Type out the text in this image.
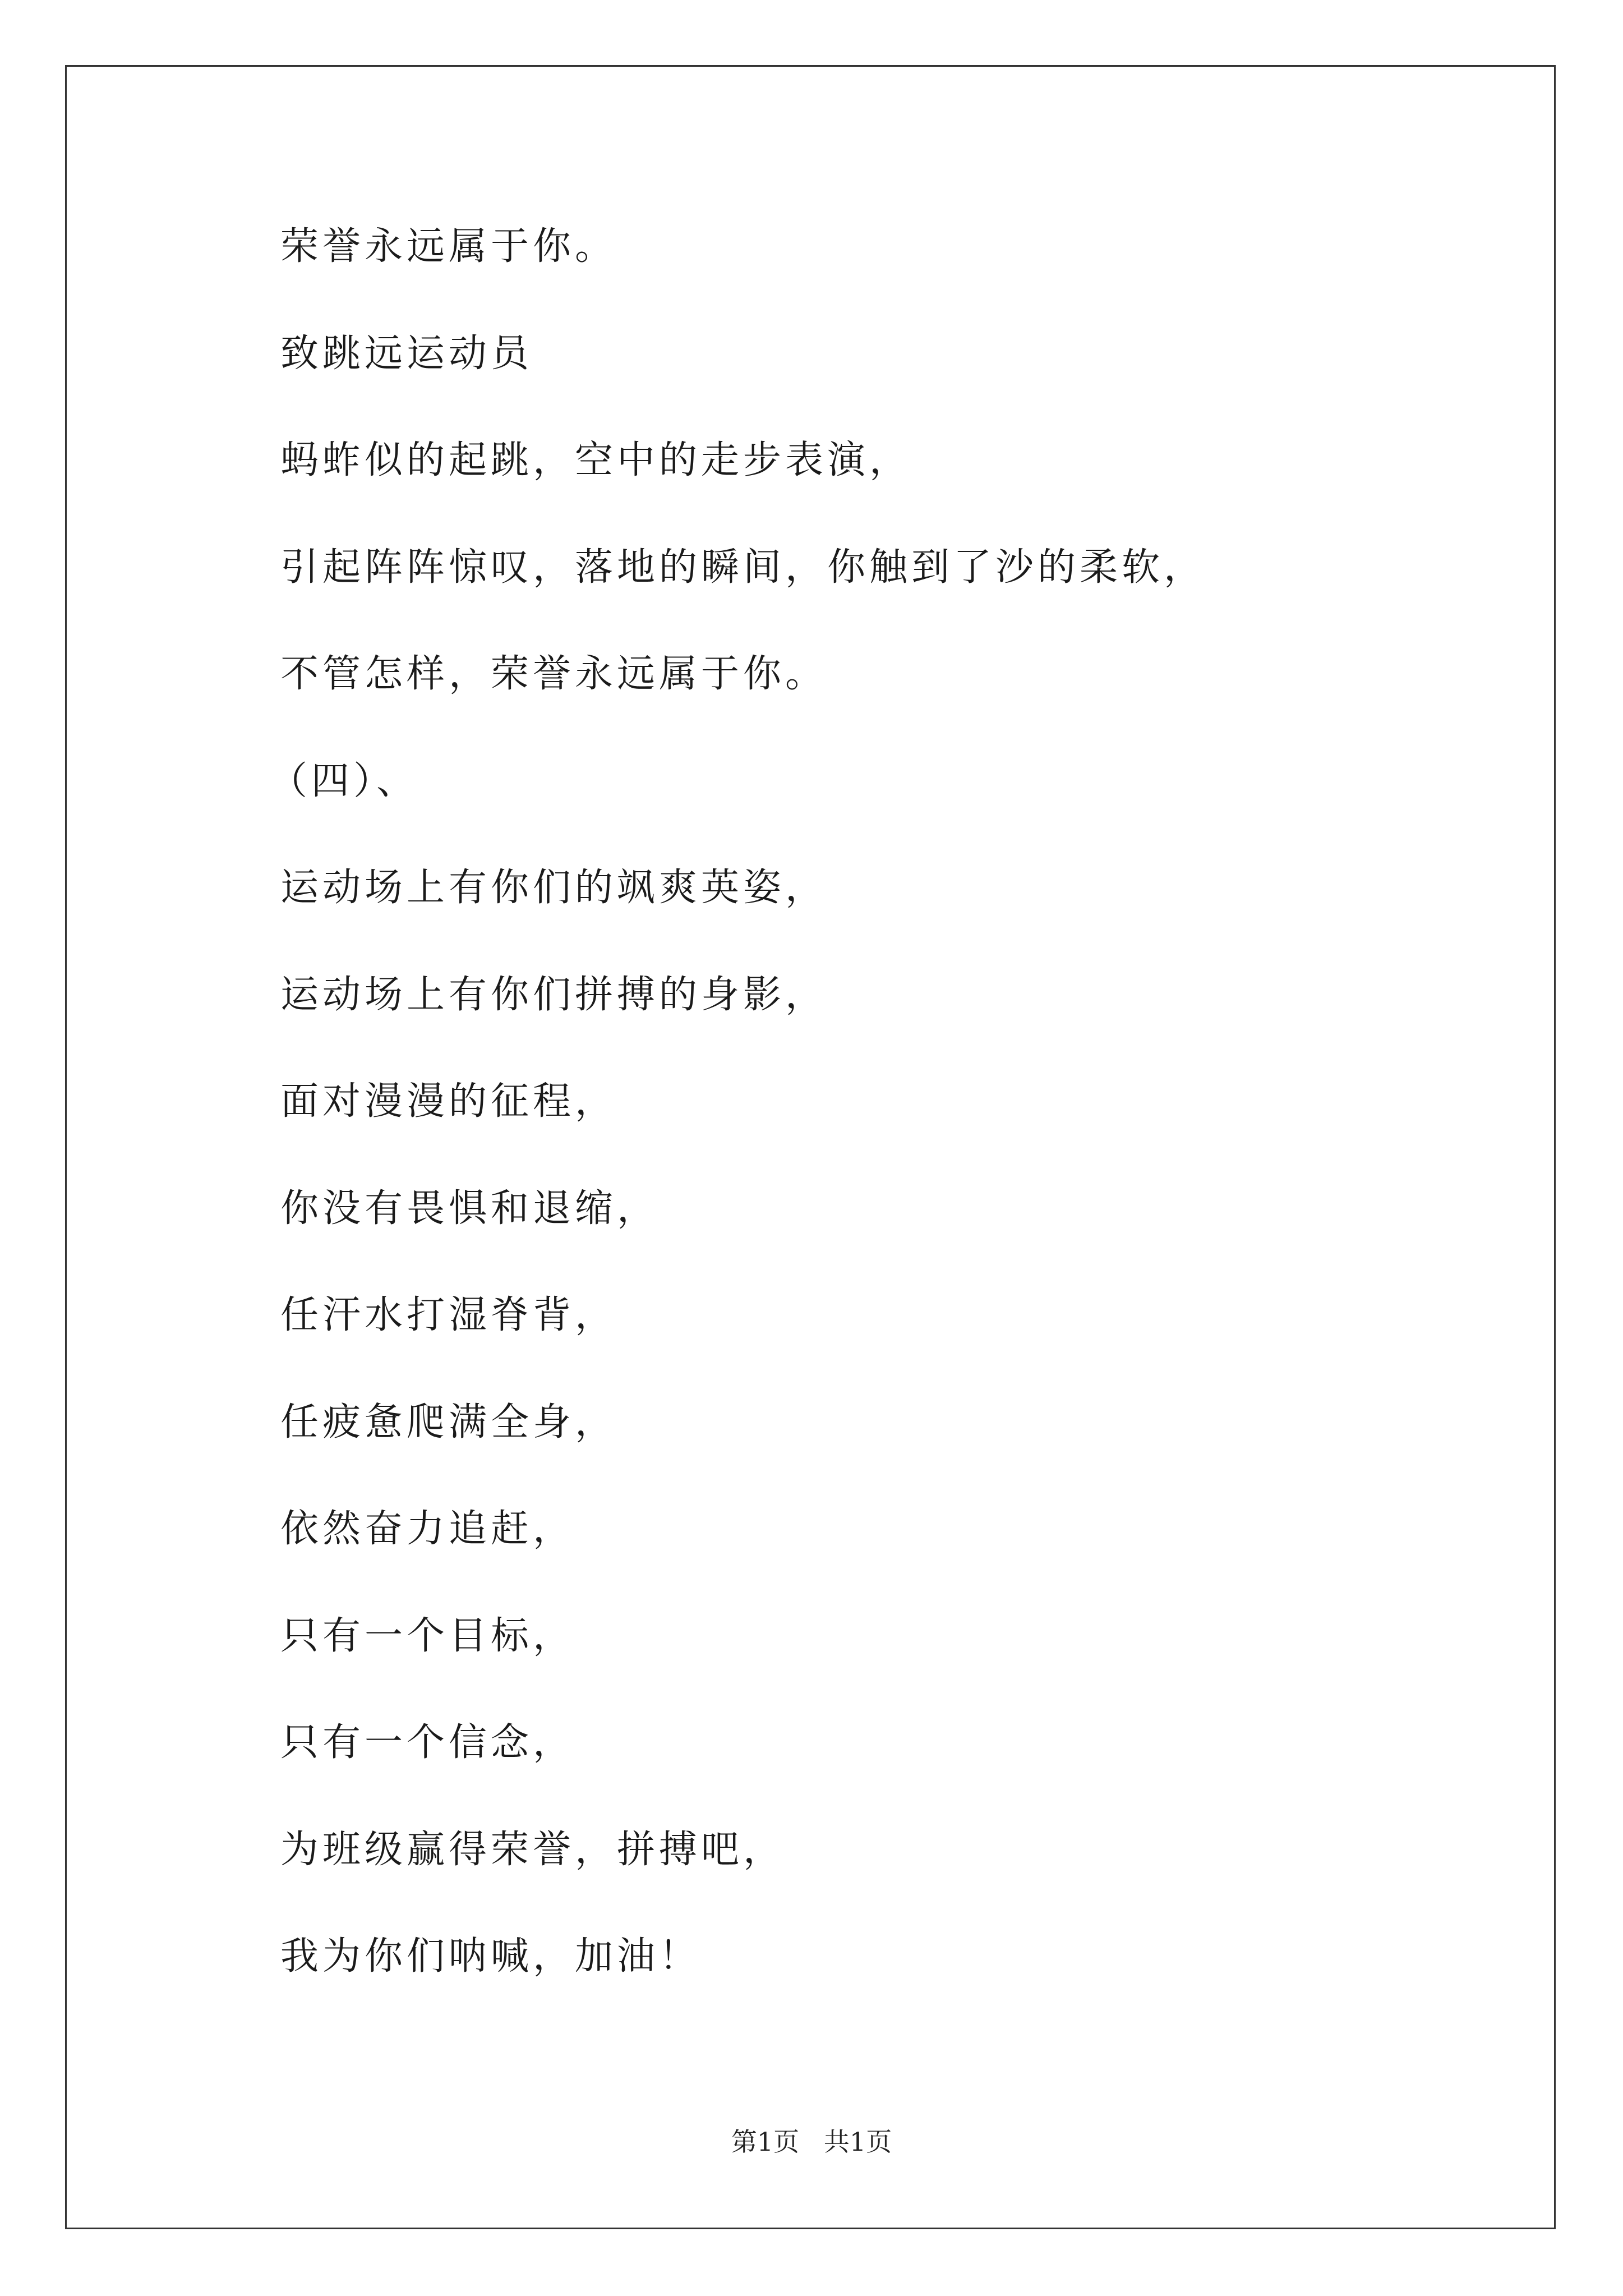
荣誉永远属于你。
致跳远运动员
蚂蚱似的起跳，空中的走步表演，
引起阵阵惊叹，落地的瞬间，你触到了沙的柔软，
不管怎样，荣誉永远属于你。
（四）、
运动场上有你们的飒爽英姿，
运动场上有你们拼搏的身影，
面对漫漫的征程，
你没有畏惧和退缩，
任汗水打湿脊背，
任疲惫爬满全身，
依然奋力追赶，
只有一个目标，
只有一个信念，
为班级赢得荣誉，拼搏吧，
我为你们呐喊，加油！
第1页   共1页
